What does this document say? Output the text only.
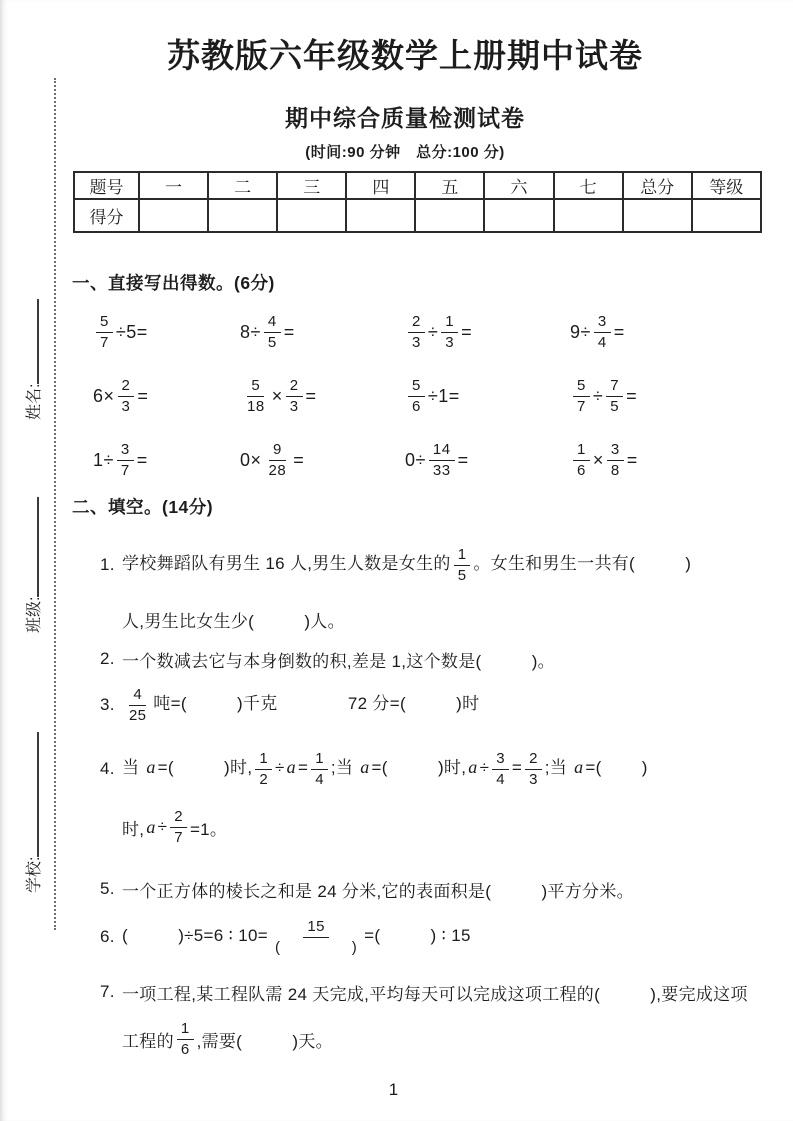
苏教版六年级数学上册期中试卷
期中综合质量检测试卷
(时间:90 分钟　总分:100 分)
题号	一	二	三	四	五	六	七	总分	等级
得分									
姓名:
班级:
学校:
一、直接写出得数。(6分)
$\frac{5}{7} \div 5=$	$8\div \frac{4}{5}$ =	$\frac{2}{3} \div \frac{1}{3}$ =	$9\div \frac{3}{4}$ =
$6\times \frac{2}{3}$ =	$\frac{5}{18} \times \frac{2}{3}$ =	$\frac{5}{6} \div 1=$	$\frac{5}{7} \div \frac{7}{5}$ =
$1\div \frac{3}{7}$ =	$0\times \frac{9}{28}$ =	$0\div \frac{14}{33}$ =	$\frac{1}{6} \times \frac{3}{8}$ =
二、填空。(14分)
1. 学校舞蹈队有男生 16 人,男生人数是女生的 $\frac{1}{5}$ 。女生和男生一共有(          )
人,男生比女生少(          )人。
2. 一个数减去它与本身倒数的积,差是 1,这个数是(          )。
3. $\frac{4}{25}$ 吨=(          )千克              72 分=(          )时
4. 当 a =(          )时, $\frac{1}{2} \div a = \frac{1}{4}$ ;当 a =(          )时, $a \div \frac{3}{4} = \frac{2}{3}$ ;当 a =(        )
时, $a \div \frac{2}{7} =1$。
5. 一个正方体的棱长之和是 24 分米,它的表面积是(          )平方分米。
6. (          )÷5=6 ∶ $10= \frac{15}{( )}$ =(          ) ∶ 15
7. 一项工程,某工程队需 24 天完成,平均每天可以完成这项工程的(          ),要完成这项
工程的 $\frac{1}{6}$ ,需要(          )天。
1
